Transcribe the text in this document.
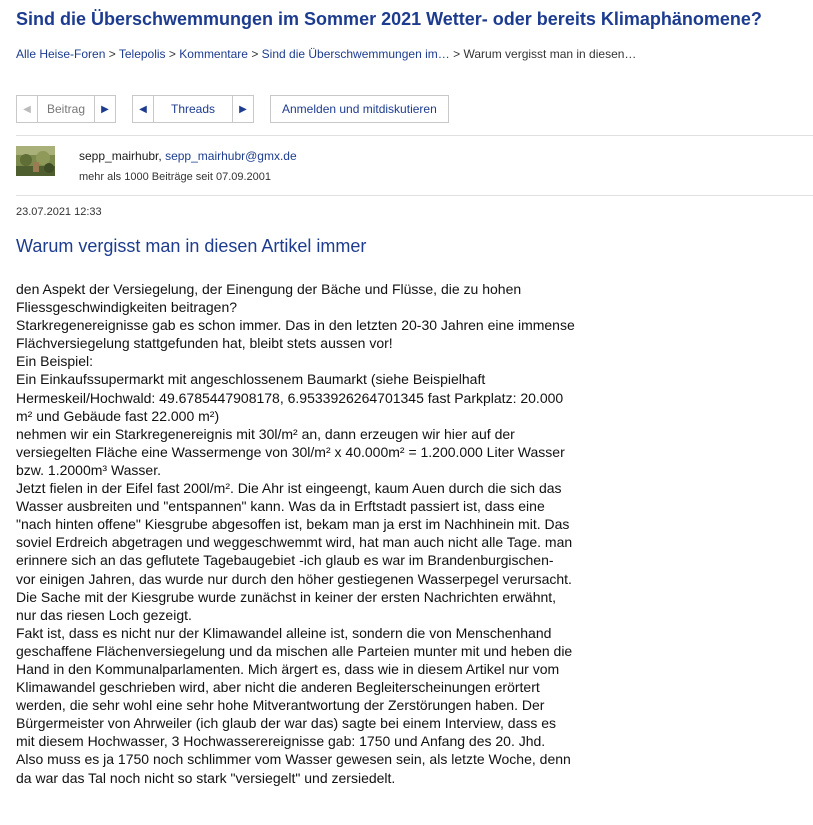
Sind die Überschwemmungen im Sommer 2021 Wetter- oder bereits Klimaphänomene?
Alle Heise-Foren > Telepolis > Kommentare > Sind die Überschwemmungen im… > Warum vergisst man in diesen…
◀	Beitrag	▶	◀	Threads	▶	Anmelden und mitdiskutieren
sepp_mairhubr, sepp_mairhubr@gmx.de
mehr als 1000 Beiträge seit 07.09.2001
23.07.2021 12:33
Warum vergisst man in diesen Artikel immer
den Aspekt der Versiegelung, der Einengung der Bäche und Flüsse, die zu hohen
Fliessgeschwindigkeiten beitragen?
Starkregenereignisse gab es schon immer. Das in den letzten 20-30 Jahren eine immense
Flächversiegelung stattgefunden hat, bleibt stets aussen vor!
Ein Beispiel:
Ein Einkaufssupermarkt mit angeschlossenem Baumarkt (siehe Beispielhaft
Hermeskeil/Hochwald: 49.6785447908178, 6.9533926264701345 fast Parkplatz: 20.000
m² und Gebäude fast 22.000 m²)
nehmen wir ein Starkregenereignis mit 30l/m² an, dann erzeugen wir hier auf der
versiegelten Fläche eine Wassermenge von 30l/m² x 40.000m² = 1.200.000 Liter Wasser
bzw. 1.2000m³ Wasser.
Jetzt fielen in der Eifel fast 200l/m². Die Ahr ist eingeengt, kaum Auen durch die sich das
Wasser ausbreiten und "entspannen" kann. Was da in Erftstadt passiert ist, dass eine
"nach hinten offene" Kiesgrube abgesoffen ist, bekam man ja erst im Nachhinein mit. Das
soviel Erdreich abgetragen und weggeschwemmt wird, hat man auch nicht alle Tage. man
erinnere sich an das geflutete Tagebaugebiet -ich glaub es war im Brandenburgischen-
vor einigen Jahren, das wurde nur durch den höher gestiegenen Wasserpegel verursacht.
Die Sache mit der Kiesgrube wurde zunächst in keiner der ersten Nachrichten erwähnt,
nur das riesen Loch gezeigt.
Fakt ist, dass es nicht nur der Klimawandel alleine ist, sondern die von Menschenhand
geschaffene Flächenversiegelung und da mischen alle Parteien munter mit und heben die
Hand in den Kommunalparlamenten. Mich ärgert es, dass wie in diesem Artikel nur vom
Klimawandel geschrieben wird, aber nicht die anderen Begleiterscheinungen erörtert
werden, die sehr wohl eine sehr hohe Mitverantwortung der Zerstörungen haben. Der
Bürgermeister von Ahrweiler (ich glaub der war das) sagte bei einem Interview, dass es
mit diesem Hochwasser, 3 Hochwasserereignisse gab: 1750 und Anfang des 20. Jhd.
Also muss es ja 1750 noch schlimmer vom Wasser gewesen sein, als letzte Woche, denn
da war das Tal noch nicht so stark "versiegelt" und zersiedelt.
